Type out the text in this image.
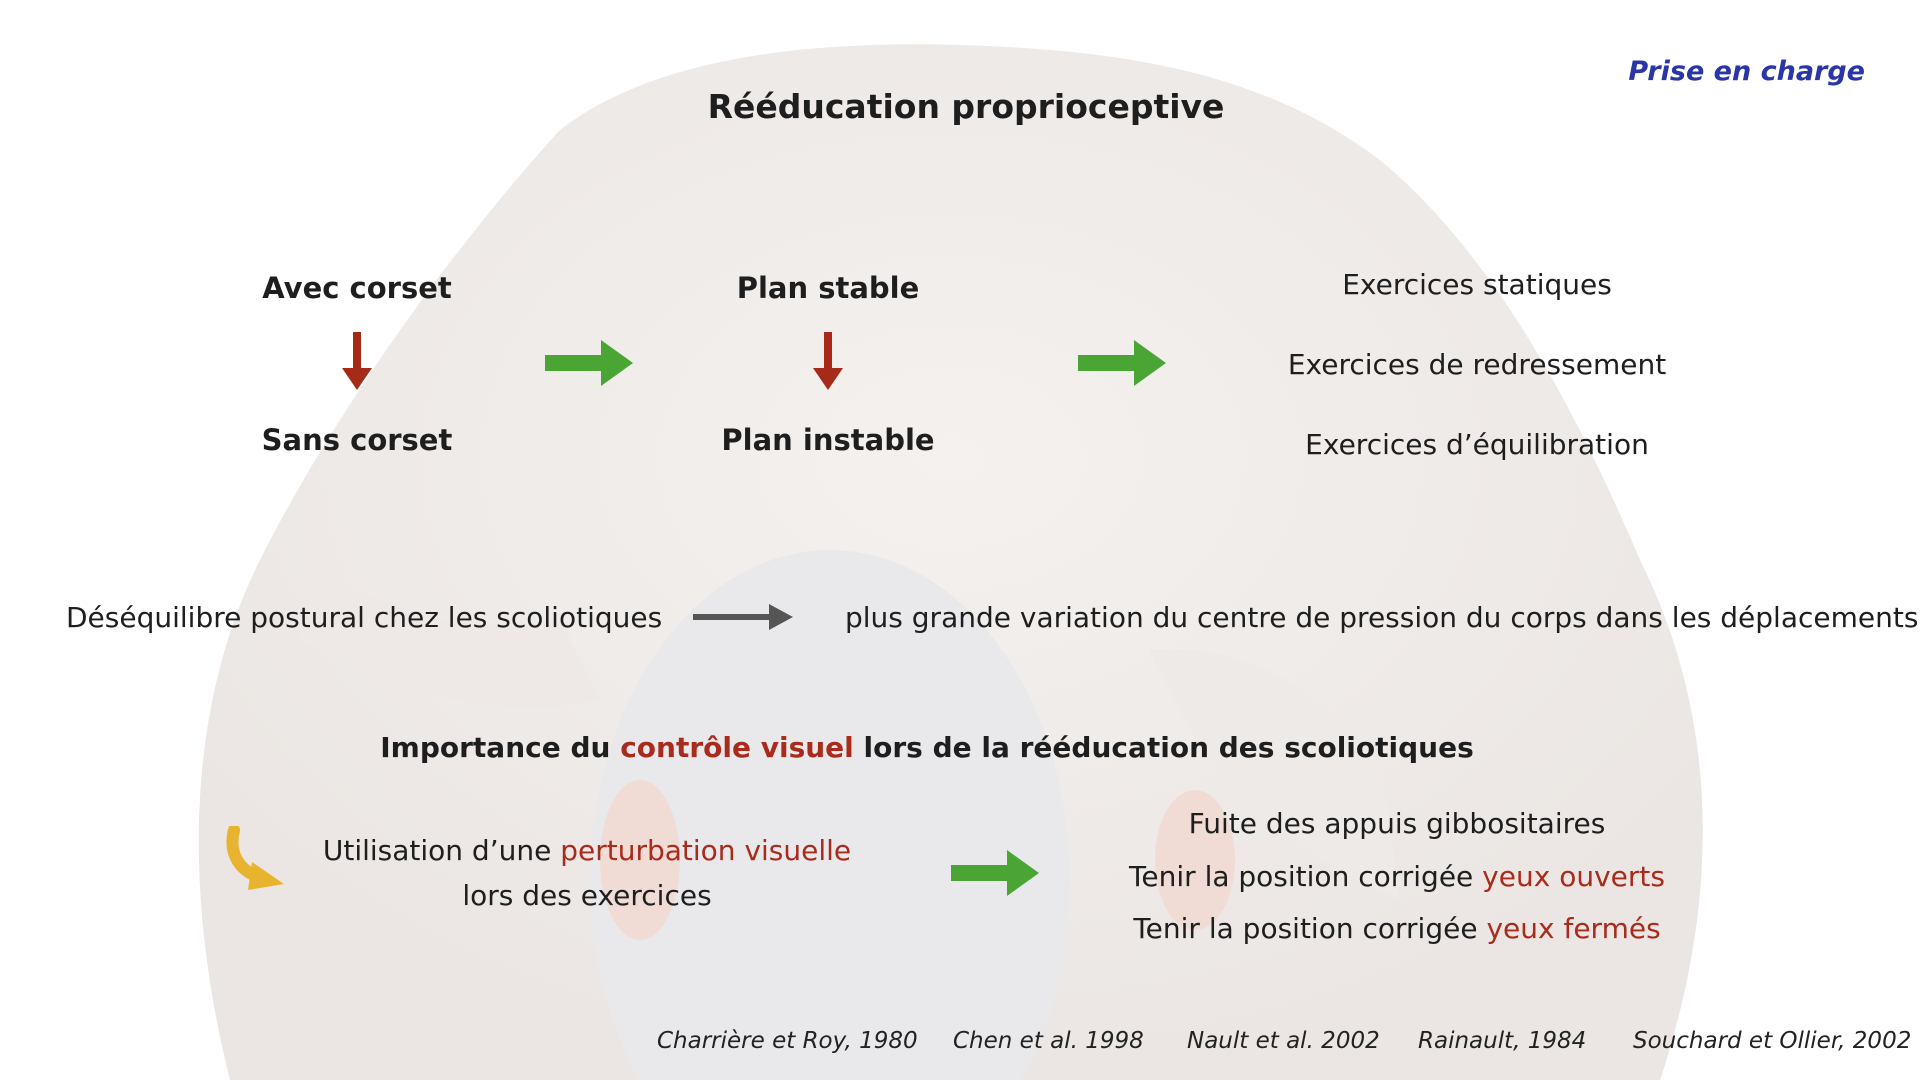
Prise en charge
Rééducation proprioceptive
Avec corset
Sans corset
Plan stable
Plan instable
Exercices statiques
Exercices de redressement
Exercices d’équilibration
Déséquilibre postural chez les scoliotiques	plus grande variation du centre de pression du corps dans les déplacements
Importance du contrôle visuel lors de la rééducation des scoliotiques
Utilisation d’une perturbation visuelle
lors des exercices
Fuite des appuis gibbositaires
Tenir la position corrigée yeux ouverts
Tenir la position corrigée yeux fermés
Charrière et Roy, 1980 Chen et al. 1998 Nault et al. 2002 Rainault, 1984 Souchard et Ollier, 2002
